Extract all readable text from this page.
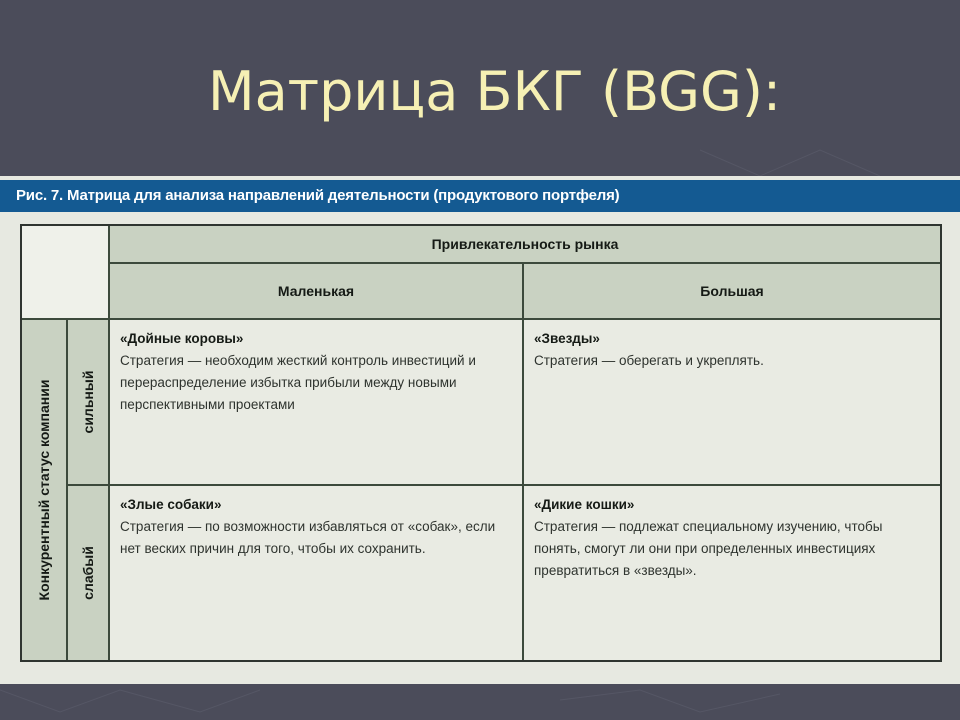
Матрица БКГ (BGG):
Рис. 7. Матрица для анализа направлений деятельности (продуктового портфеля)
Привлекательность рынка
Маленькая	Большая
Конкурентный статус компании сильный
слабый
«Дойные коровы»
Стратегия — необходим жесткий контроль инвестиций и перераспределение избытка прибыли между новыми перспективными проектами
«Звезды»
Стратегия — оберегать и укреплять.
«Злые собаки»
Стратегия — по возможности избавляться от «собак», если нет веских причин для того, чтобы их сохранить.
«Дикие кошки»
Стратегия — подлежат специальному изучению, чтобы понять, смогут ли они при определенных инвестициях превратиться в «звезды».
